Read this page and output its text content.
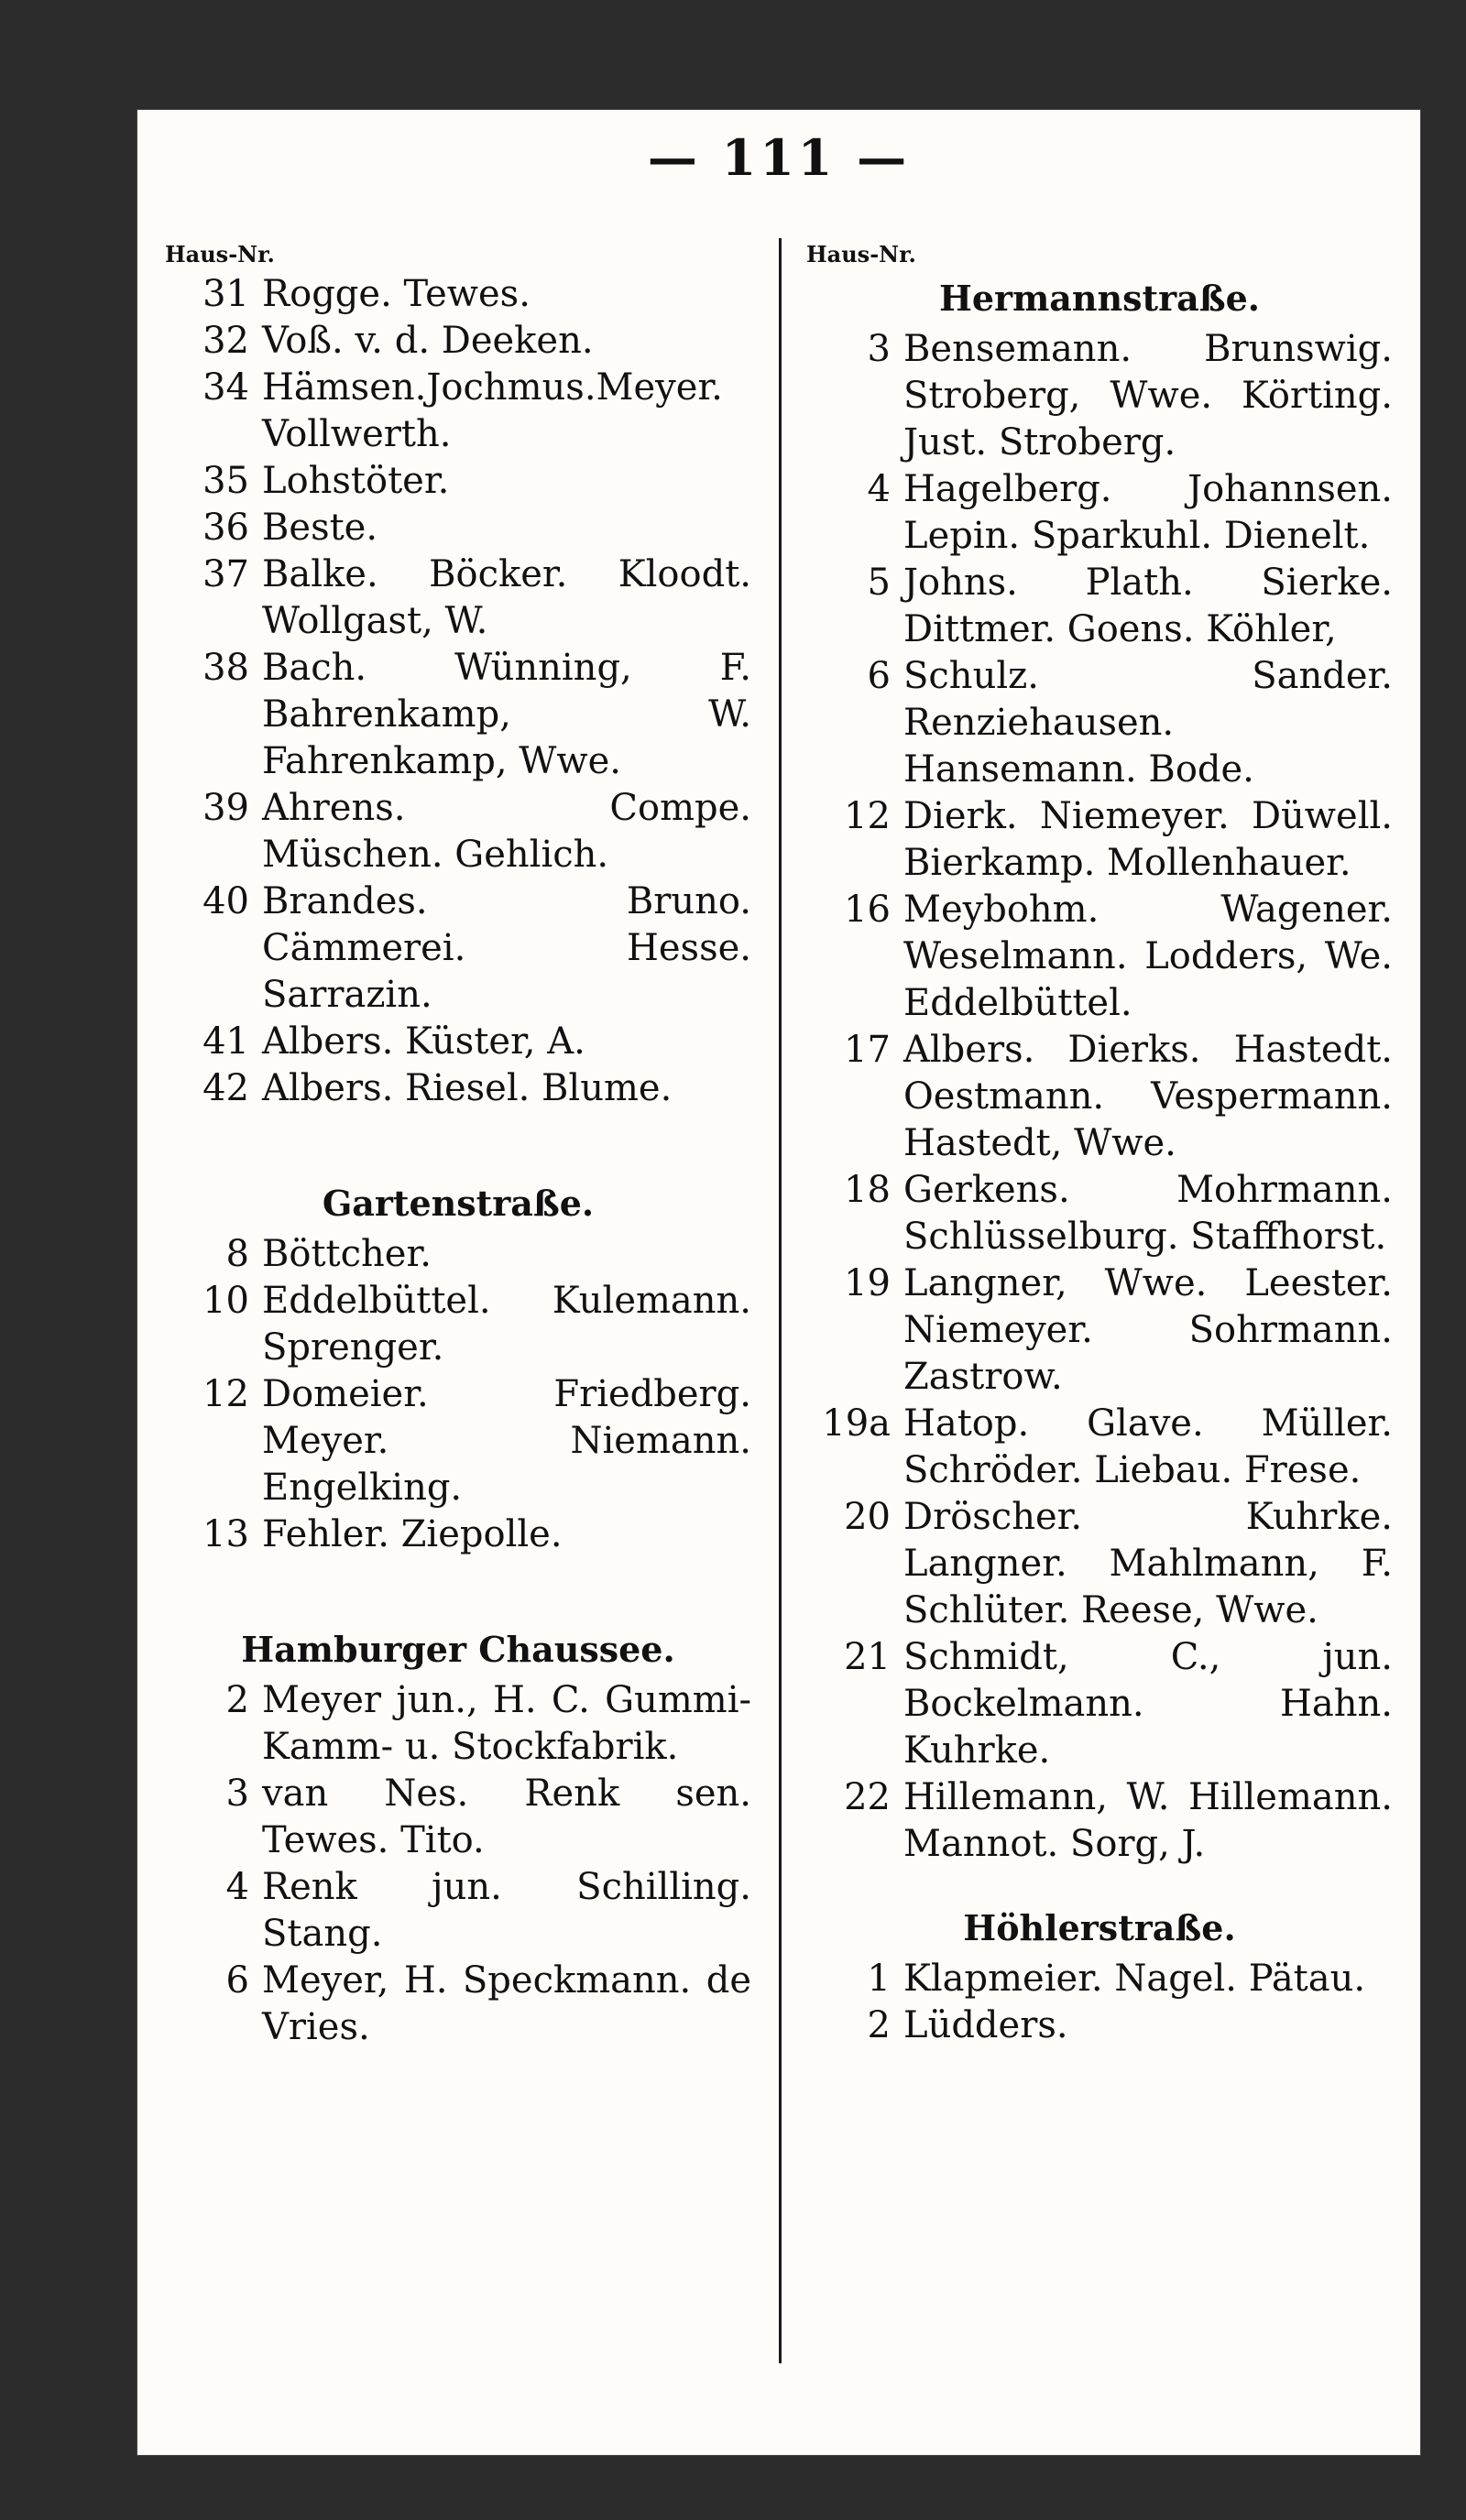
— 111 —
Haus-Nr.
31 Rogge. Tewes.
32 Voß. v. d. Deeken.
34 Hämsen.Jochmus.Meyer. Vollwerth.
35 Lohstöter.
36 Beste.
37 Balke. Böcker. Kloodt. Wollgast, W.
38 Bach. Wünning, F. Bahrenkamp, W. Fahrenkamp, Wwe.
39 Ahrens. Compe. Müschen. Gehlich.
40 Brandes. Bruno. Cämmerei. Hesse. Sarrazin.
41 Albers. Küster, A.
42 Albers. Riesel. Blume.
Gartenstraße.
8 Böttcher.
10 Eddelbüttel. Kulemann. Sprenger.
12 Domeier. Friedberg. Meyer. Niemann. Engelking.
13 Fehler. Ziepolle.
Hamburger Chaussee.
2 Meyer jun., H. C. Gummi-Kamm- u. Stockfabrik.
3 van Nes. Renk sen. Tewes. Tito.
4 Renk jun. Schilling. Stang.
6 Meyer, H. Speckmann. de Vries.
Haus-Nr.
Hermannstraße.
3 Bensemann. Brunswig. Stroberg, Wwe. Körting. Just. Stroberg.
4 Hagelberg. Johannsen. Lepin. Sparkuhl. Dienelt.
5 Johns. Plath. Sierke. Dittmer. Goens. Köhler,
6 Schulz. Sander. Renziehausen. Hansemann. Bode.
12 Dierk. Niemeyer. Düwell. Bierkamp. Mollenhauer.
16 Meybohm. Wagener. Weselmann. Lodders, We. Eddelbüttel.
17 Albers. Dierks. Hastedt. Oestmann. Vespermann. Hastedt, Wwe.
18 Gerkens. Mohrmann. Schlüsselburg. Staffhorst.
19 Langner, Wwe. Leester. Niemeyer. Sohrmann. Zastrow.
19a Hatop. Glave. Müller. Schröder. Liebau. Frese.
20 Dröscher. Kuhrke. Langner. Mahlmann, F. Schlüter. Reese, Wwe.
21 Schmidt, C., jun. Bockelmann. Hahn. Kuhrke.
22 Hillemann, W. Hillemann. Mannot. Sorg, J.
Höhlerstraße.
1 Klapmeier. Nagel. Pätau.
2 Lüdders.
